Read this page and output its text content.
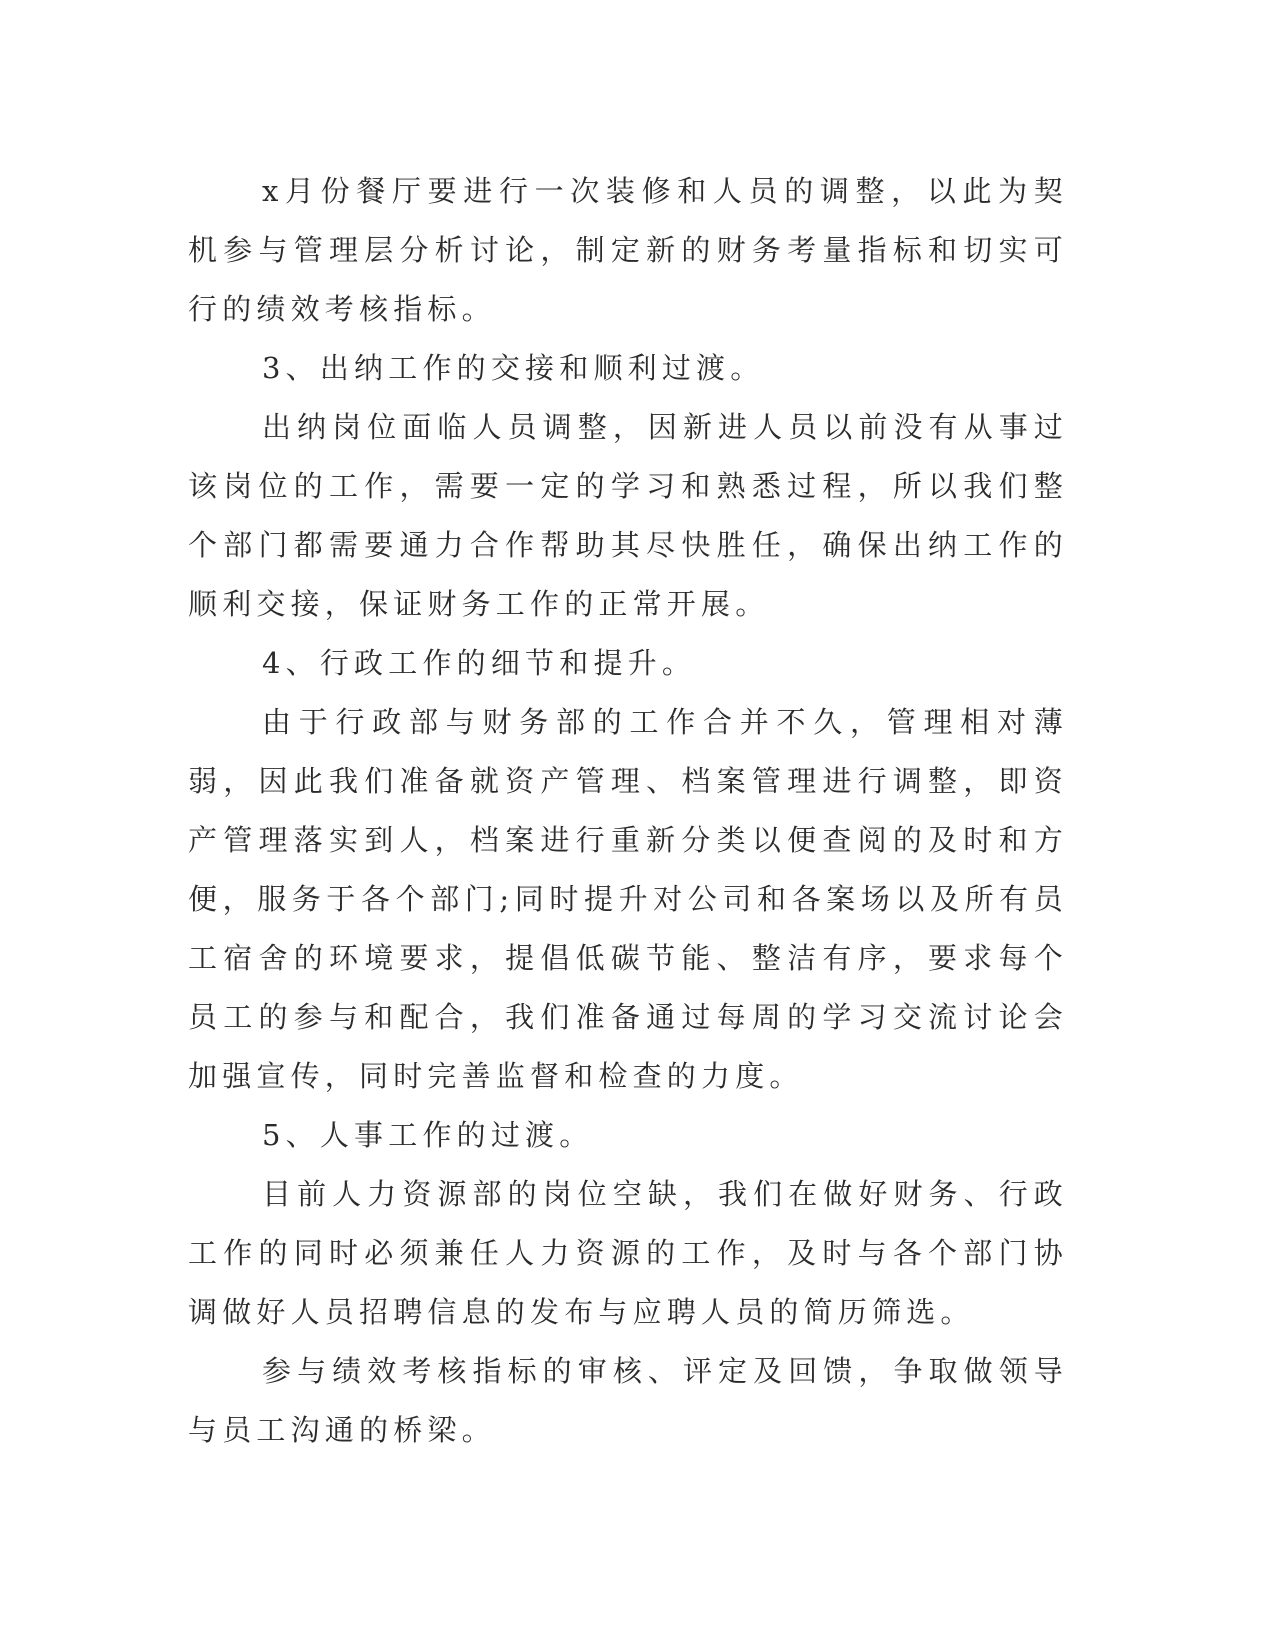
x月份餐厅要进行一次装修和人员的调整，以此为契机参与管理层分析讨论，制定新的财务考量指标和切实可行的绩效考核指标。

3、出纳工作的交接和顺利过渡。

出纳岗位面临人员调整，因新进人员以前没有从事过该岗位的工作，需要一定的学习和熟悉过程，所以我们整个部门都需要通力合作帮助其尽快胜任，确保出纳工作的顺利交接，保证财务工作的正常开展。

4、行政工作的细节和提升。

由于行政部与财务部的工作合并不久，管理相对薄弱，因此我们准备就资产管理、档案管理进行调整，即资产管理落实到人，档案进行重新分类以便查阅的及时和方便，服务于各个部门;同时提升对公司和各案场以及所有员工宿舍的环境要求，提倡低碳节能、整洁有序，要求每个员工的参与和配合，我们准备通过每周的学习交流讨论会加强宣传，同时完善监督和检查的力度。

5、人事工作的过渡。

目前人力资源部的岗位空缺，我们在做好财务、行政工作的同时必须兼任人力资源的工作，及时与各个部门协调做好人员招聘信息的发布与应聘人员的简历筛选。

参与绩效考核指标的审核、评定及回馈，争取做领导与员工沟通的桥梁。
